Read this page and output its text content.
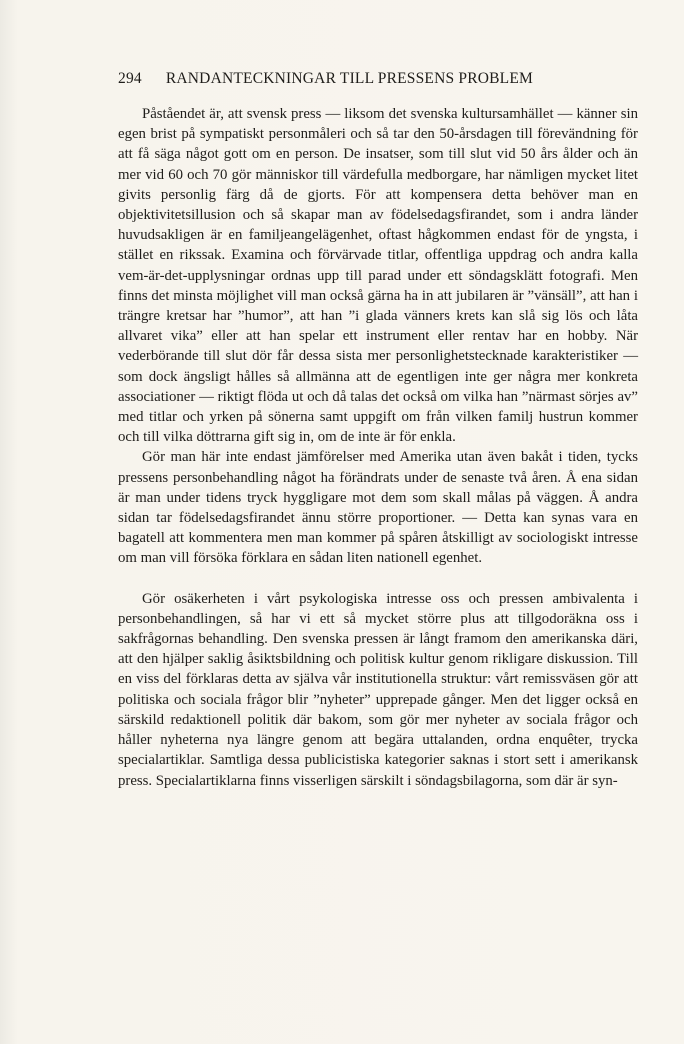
294 RANDANTECKNINGAR TILL PRESSENS PROBLEM

Påståendet är, att svensk press — liksom det svenska kultursamhället — känner sin egen brist på sympatiskt personmåleri och så tar den 50-årsdagen till förevändning för att få säga något gott om en person. De insatser, som till slut vid 50 års ålder och än mer vid 60 och 70 gör människor till värdefulla medborgare, har nämligen mycket litet givits personlig färg då de gjorts. För att kompensera detta behöver man en objektivitetsillusion och så skapar man av födelsedagsfirandet, som i andra länder huvudsakligen är en familjeangelägenhet, oftast hågkommen endast för de yngsta, i stället en rikssak. Examina och förvärvade titlar, offentliga uppdrag och andra kalla vem-är-det-upplysningar ordnas upp till parad under ett söndagsklätt fotografi. Men finns det minsta möjlighet vill man också gärna ha in att jubilaren är ”vänsäll”, att han i trängre kretsar har ”humor”, att han ”i glada vänners krets kan slå sig lös och låta allvaret vika” eller att han spelar ett instrument eller rentav har en hobby. När vederbörande till slut dör får dessa sista mer personlighetstecknade karakteristiker — som dock ängsligt hålles så allmänna att de egentligen inte ger några mer konkreta associationer — riktigt flöda ut och då talas det också om vilka han ”närmast sörjes av” med titlar och yrken på sönerna samt uppgift om från vilken familj hustrun kommer och till vilka döttrarna gift sig in, om de inte är för enkla.

Gör man här inte endast jämförelser med Amerika utan även bakåt i tiden, tycks pressens personbehandling något ha förändrats under de senaste två åren. Å ena sidan är man under tidens tryck hyggligare mot dem som skall målas på väggen. Å andra sidan tar födelsedagsfirandet ännu större proportioner. — Detta kan synas vara en bagatell att kommentera men man kommer på spåren åtskilligt av sociologiskt intresse om man vill försöka förklara en sådan liten nationell egenhet.

Gör osäkerheten i vårt psykologiska intresse oss och pressen ambivalenta i personbehandlingen, så har vi ett så mycket större plus att tillgodoräkna oss i sakfrågornas behandling. Den svenska pressen är långt framom den amerikanska däri, att den hjälper saklig åsiktsbildning och politisk kultur genom rikligare diskussion. Till en viss del förklaras detta av själva vår institutionella struktur: vårt remissväsen gör att politiska och sociala frågor blir ”nyheter” upprepade gånger. Men det ligger också en särskild redaktionell politik där bakom, som gör mer nyheter av sociala frågor och håller nyheterna nya längre genom att begära uttalanden, ordna enquêter, trycka specialartiklar. Samtliga dessa publicistiska kategorier saknas i stort sett i amerikansk press. Specialartiklarna finns visserligen särskilt i söndagsbilagorna, som där är syn-
